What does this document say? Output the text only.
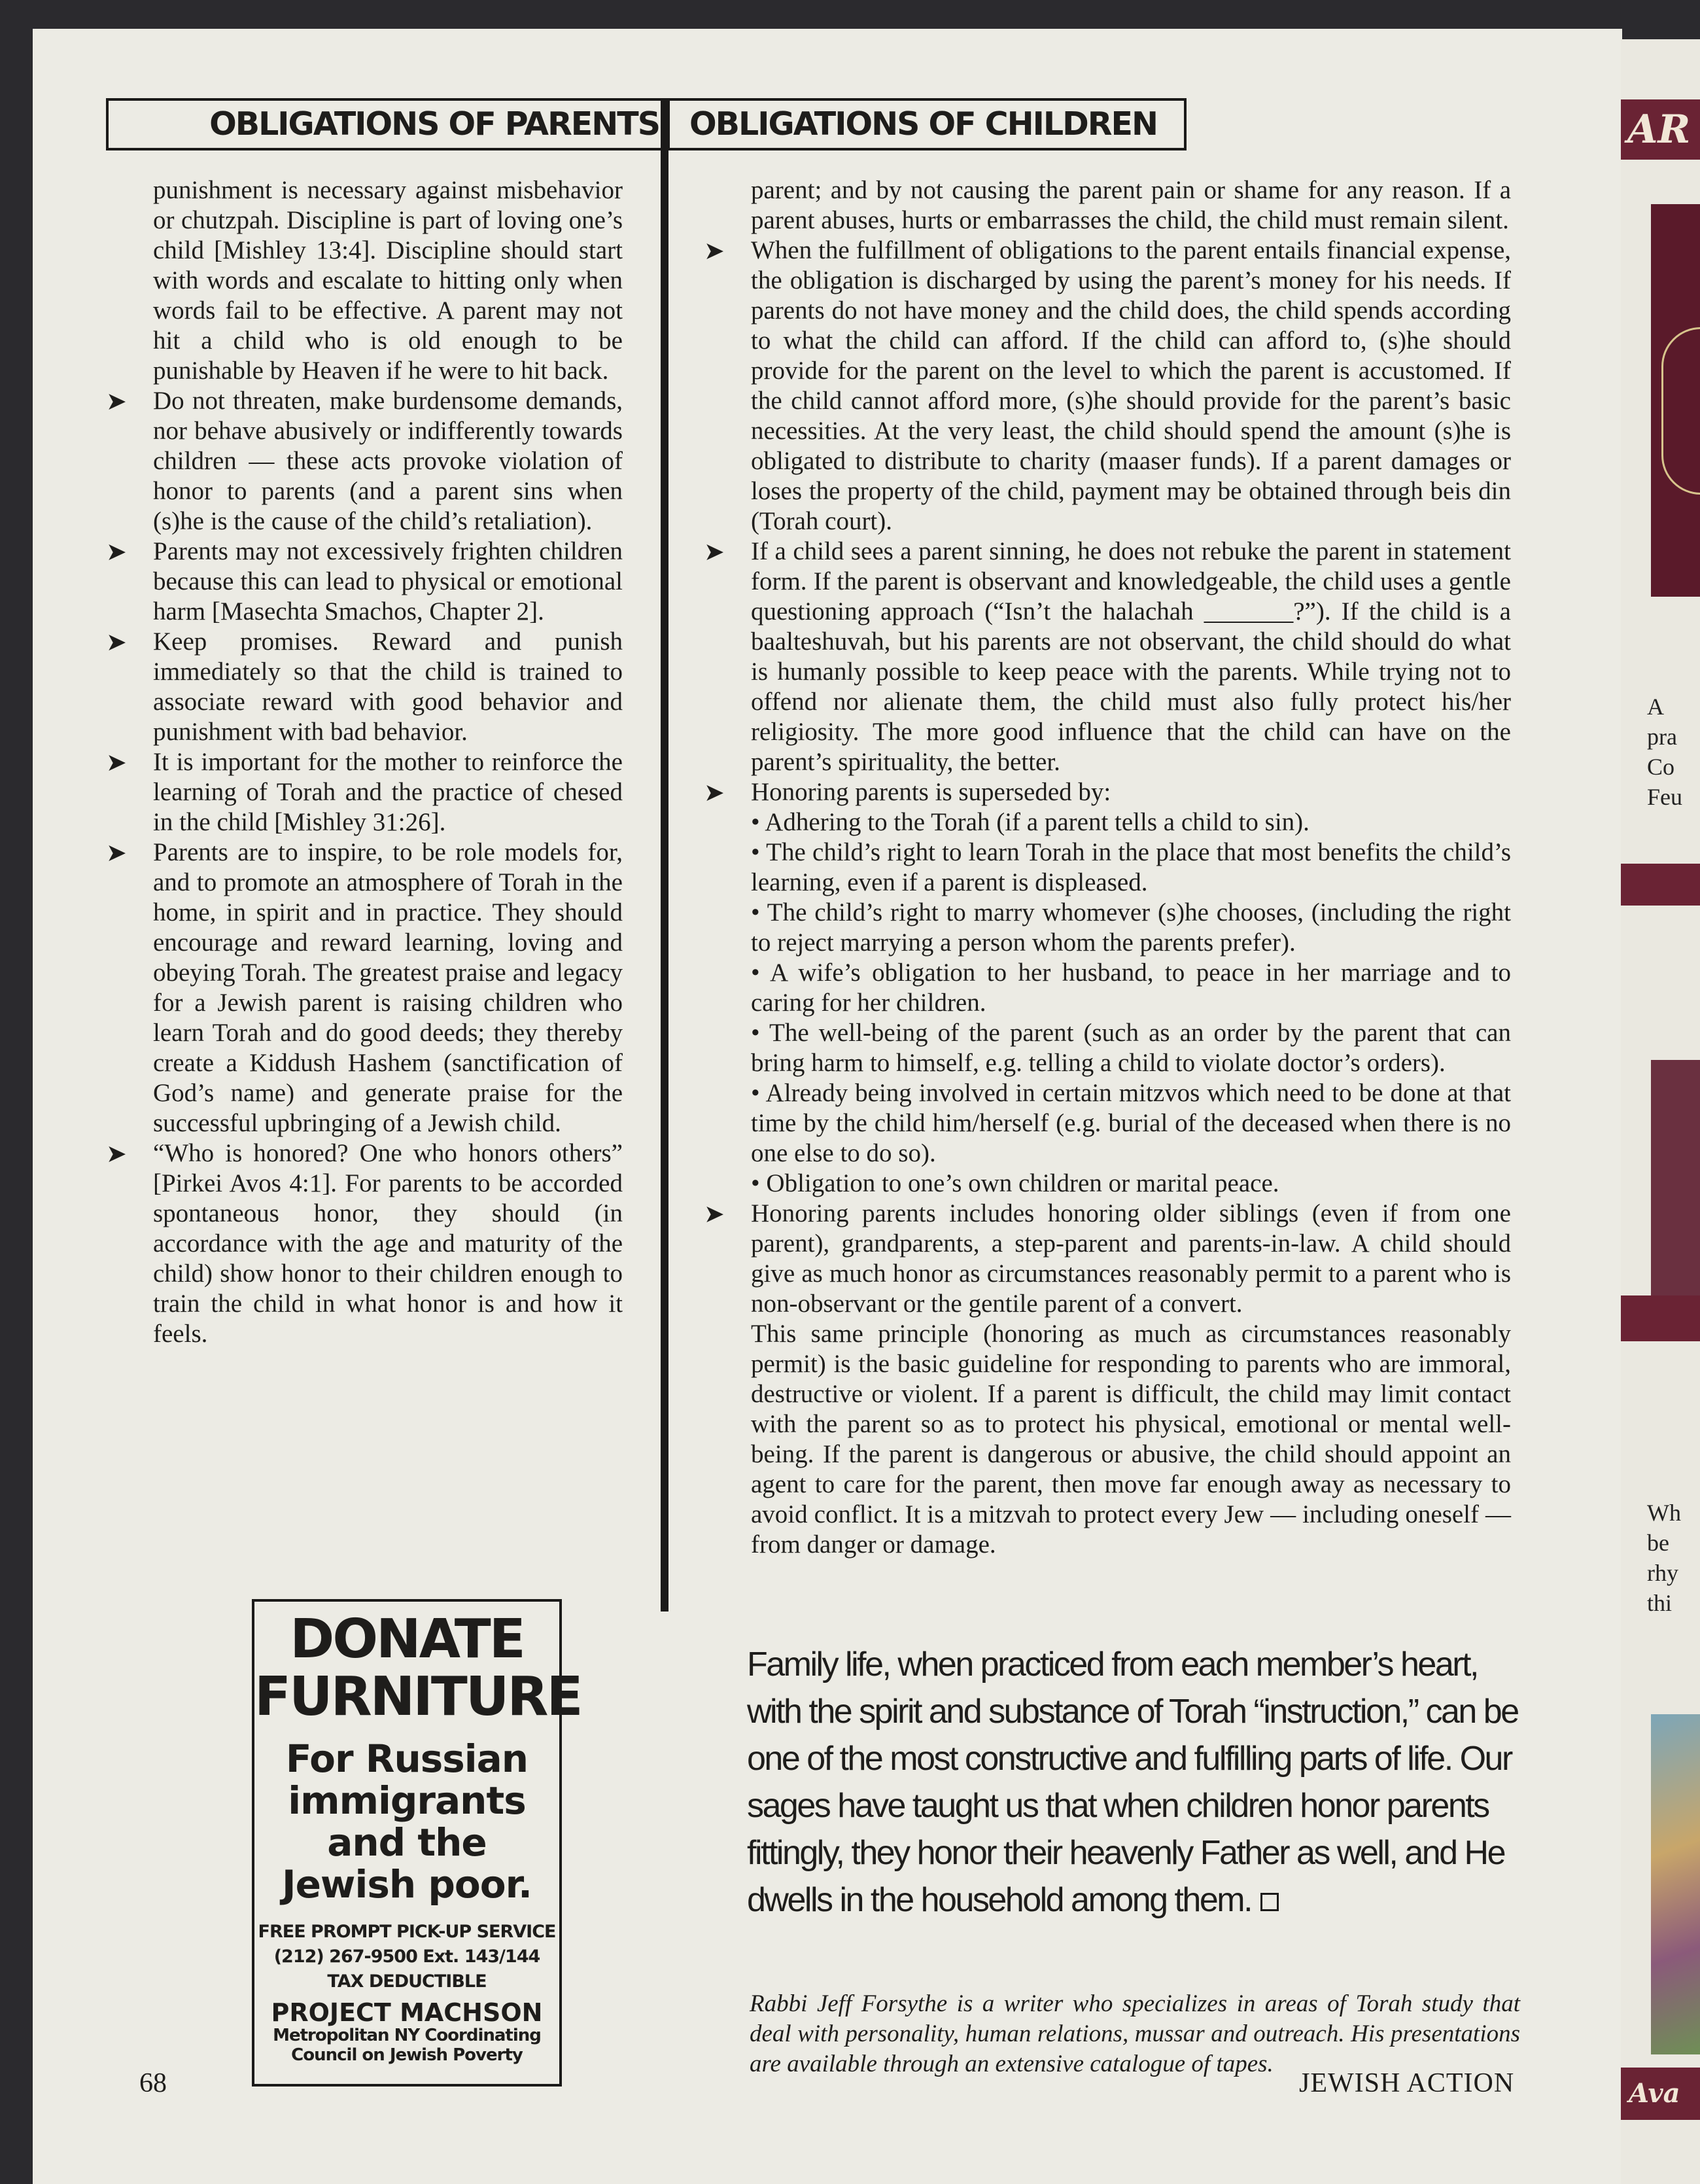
AR
A
pra
Co
Feu
Wh
be
rhy
thi
Ava
OBLIGATIONS OF PARENTS OBLIGATIONS OF CHILDREN

punishment is necessary against misbehavior or chutzpah. Discipline is part of loving one’s child [Mishley 13:4]. Discipline should start with words and escalate to hitting only when words fail to be effective. A parent may not hit a child who is old enough to be punishable by Heaven if he were to hit back.

➤ Do not threaten, make burdensome demands, nor behave abusively or indifferently towards children — these acts provoke violation of honor to parents (and a parent sins when (s)he is the cause of the child’s retaliation).

➤ Parents may not excessively frighten children because this can lead to physical or emotional harm [Masechta Smachos, Chapter 2].

➤ Keep promises. Reward and punish immediately so that the child is trained to associate reward with good behavior and punishment with bad behavior.

➤ It is important for the mother to reinforce the learning of Torah and the practice of chesed in the child [Mishley 31:26].

➤ Parents are to inspire, to be role models for, and to promote an atmosphere of Torah in the home, in spirit and in practice. They should encourage and reward learning, loving and obeying Torah. The greatest praise and legacy for a Jewish parent is raising children who learn Torah and do good deeds; they thereby create a Kiddush Hashem (sanctification of God’s name) and generate praise for the successful upbringing of a Jewish child.

➤ “Who is honored? One who honors others” [Pirkei Avos 4:1]. For parents to be accorded spontaneous honor, they should (in accordance with the age and maturity of the child) show honor to their children enough to train the child in what honor is and how it feels.

parent; and by not causing the parent pain or shame for any reason. If a parent abuses, hurts or embarrasses the child, the child must remain silent.

➤ When the fulfillment of obligations to the parent entails financial expense, the obligation is discharged by using the parent’s money for his needs. If parents do not have money and the child does, the child spends according to what the child can afford. If the child can afford to, (s)he should provide for the parent on the level to which the parent is accustomed. If the child cannot afford more, (s)he should provide for the parent’s basic necessities. At the very least, the child should spend the amount (s)he is obligated to distribute to charity (maaser funds). If a parent damages or loses the property of the child, payment may be obtained through beis din (Torah court).

➤ If a child sees a parent sinning, he does not rebuke the parent in statement form. If the parent is observant and knowledgeable, the child uses a gentle questioning approach (“Isn’t the halachah _______?”). If the child is a baalteshuvah, but his parents are not observant, the child should do what is humanly possible to keep peace with the parents. While trying not to offend nor alienate them, the child must also fully protect his/her religiosity. The more good influence that the child can have on the parent’s spirituality, the better.

➤ Honoring parents is superseded by:

• Adhering to the Torah (if a parent tells a child to sin).

• The child’s right to learn Torah in the place that most benefits the child’s learning, even if a parent is displeased.

• The child’s right to marry whomever (s)he chooses, (including the right to reject marrying a person whom the parents prefer).

• A wife’s obligation to her husband, to peace in her marriage and to caring for her children.

• The well-being of the parent (such as an order by the parent that can bring harm to himself, e.g. telling a child to violate doctor’s orders).

• Already being involved in certain mitzvos which need to be done at that time by the child him/herself (e.g. burial of the deceased when there is no one else to do so).

• Obligation to one’s own children or marital peace.

➤ Honoring parents includes honoring older siblings (even if from one parent), grandparents, a step-parent and parents-in-law. A child should give as much honor as circumstances reasonably permit to a parent who is non-observant or the gentile parent of a convert.

This same principle (honoring as much as circumstances reasonably permit) is the basic guideline for responding to parents who are immoral, destructive or violent. If a parent is difficult, the child may limit contact with the parent so as to protect his physical, emotional or mental well-being. If the parent is dangerous or abusive, the child should appoint an agent to care for the parent, then move far enough away as necessary to avoid conflict. It is a mitzvah to protect every Jew — including oneself — from danger or damage.

Family life, when practiced from each member’s heart, with the spirit and substance of Torah “instruction,” can be one of the most constructive and fulfilling parts of life. Our sages have taught us that when children honor parents fittingly, they honor their heavenly Father as well, and He dwells in the household among them.
Rabbi Jeff Forsythe is a writer who specializes in areas of Torah study that deal with personality, human relations, mussar and outreach. His presentations are available through an extensive catalogue of tapes.
DONATE
FURNITURE
For Russian
immigrants
and the
Jewish poor.
FREE PROMPT PICK-UP SERVICE
(212) 267-9500 Ext. 143/144
TAX DEDUCTIBLE
PROJECT MACHSON
Metropolitan NY Coordinating
Council on Jewish Poverty
68	JEWISH ACTION
